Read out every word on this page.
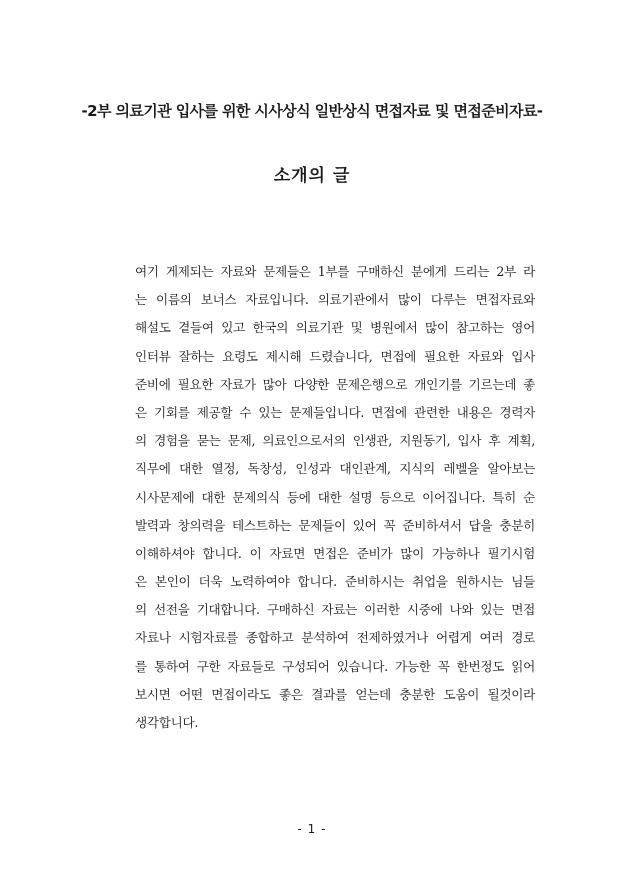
-2부 의료기관 입사를 위한 시사상식 일반상식 면접자료 및 면접준비자료-
소개의 글
여기 게제되는 자료와 문제들은 1부를 구매하신 분에게 드리는 2부 라
는 이름의 보너스 자료입니다. 의료기관에서 많이 다루는 면접자료와
해설도 곁들여 있고 한국의 의료기관 및 병원에서 많이 참고하는 영어
인터뷰 잘하는 요령도 제시해 드렸습니다, 면접에 필요한 자료와 입사
준비에 필요한 자료가 많아 다양한 문제은행으로 개인기를 기르는데 좋
은 기회를 제공할 수 있는 문제들입니다. 면접에 관련한 내용은 경력자
의 경험을 묻는 문제, 의료인으로서의 인생관, 지원동기, 입사 후 계획,
직무에 대한 열정, 독창성, 인성과 대인관계, 지식의 레벨을 알아보는
시사문제에 대한 문제의식 등에 대한 설명 등으로 이어집니다. 특히 순
발력과 창의력을 테스트하는 문제들이 있어 꼭 준비하셔서 답을 충분히
이해하셔야 합니다. 이 자료면 면접은 준비가 많이 가능하나 필기시험
은 본인이 더욱 노력하여야 합니다. 준비하시는 취업을 원하시는 님들
의 선전을 기대합니다. 구매하신 자료는 이러한 시중에 나와 있는 면접
자료나 시험자료를 종합하고 분석하여 전제하였거나 어렵게 여러 경로
를 통하여 구한 자료들로 구성되어 있습니다. 가능한 꼭 한번정도 읽어
보시면 어떤 면접이라도 좋은 결과를 얻는데 충분한 도움이 될것이라
생각합니다.
- 1 -
